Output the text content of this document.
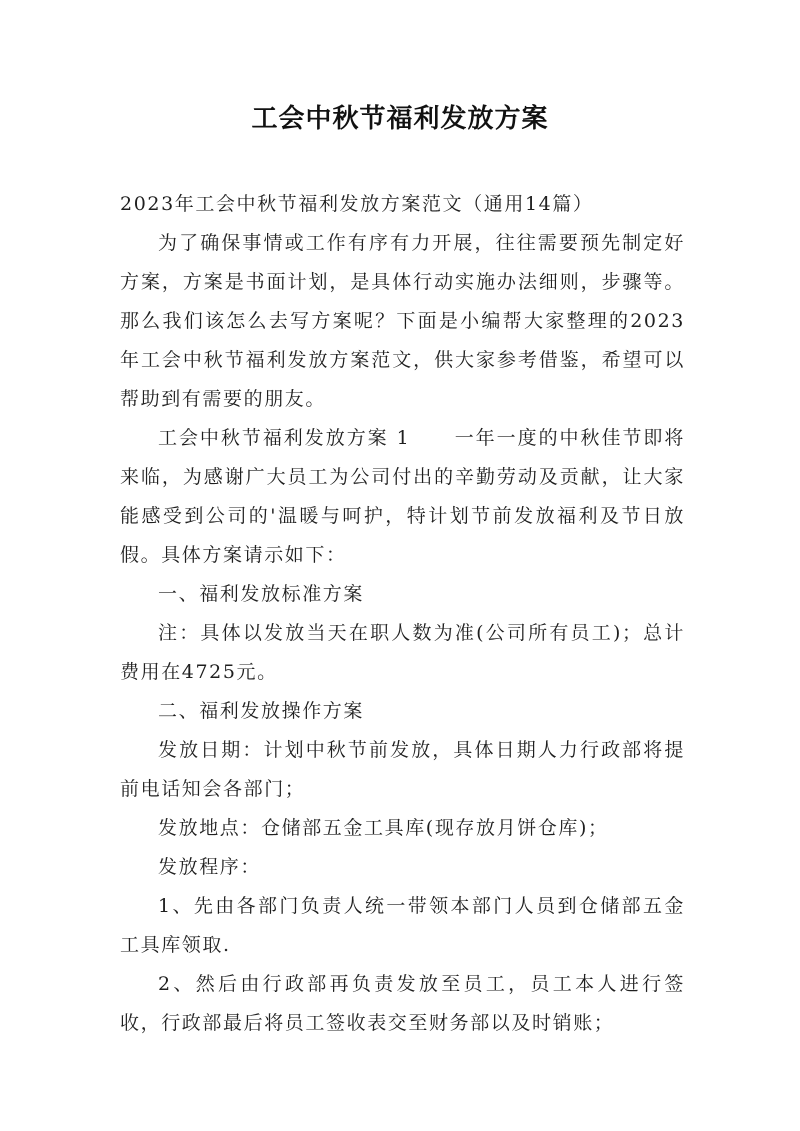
工会中秋节福利发放方案

2023年工会中秋节福利发放方案范文（通用14篇）

为了确保事情或工作有序有力开展，往往需要预先制定好方案，方案是书面计划，是具体行动实施办法细则，步骤等。那么我们该怎么去写方案呢？下面是小编帮大家整理的2023年工会中秋节福利发放方案范文，供大家参考借鉴，希望可以帮助到有需要的朋友。

工会中秋节福利发放方案 1 一年一度的中秋佳节即将来临，为感谢广大员工为公司付出的辛勤劳动及贡献，让大家能感受到公司的'温暖与呵护，特计划节前发放福利及节日放假。具体方案请示如下：

一、福利发放标准方案

注：具体以发放当天在职人数为准(公司所有员工)；总计费用在4725元。

二、福利发放操作方案

发放日期：计划中秋节前发放，具体日期人力行政部将提前电话知会各部门；

发放地点：仓储部五金工具库(现存放月饼仓库)；

发放程序：

1、先由各部门负责人统一带领本部门人员到仓储部五金工具库领取.

2、然后由行政部再负责发放至员工，员工本人进行签收，行政部最后将员工签收表交至财务部以及时销账；
